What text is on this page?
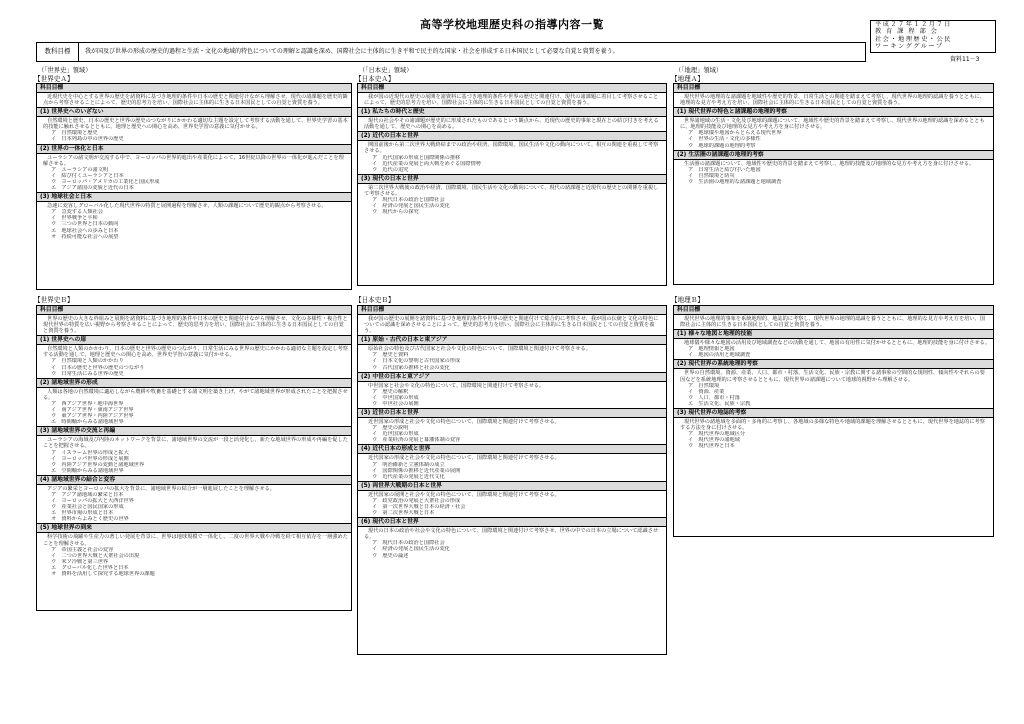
高等学校地理歴史科の指導内容一覧	平成２７年１２月７日
教 育 課 程 部 会
社会・地理歴史・公民
ワーキンググループ
資料11－3
教科目標	我が国及び世界の形成の歴史的過程と生活・文化の地域的特色についての理解と認識を深め、国際社会に主体的に生き平和で民主的な国家・社会を形成する日本国民として必要な自覚と資質を養う。
（「世界史」領域）
【世界史Ａ】
科目目標

近現代史を中心とする世界の歴史を諸資料に基づき地理的条件や日本の歴史と関連付けながら理解させ、現代の諸課題を歴史的観点から考察させることによって、歴史的思考力を培い、国際社会に主体的に生きる日本国民としての自覚と資質を養う。

(1) 世界史へのいざない

自然環境と歴史、日本の歴史と世界の歴史のつながりにかかわる適切な主題を設定して考察する活動を通して、世界史学習の基本的技能に触れさせるとともに、地理と歴史への関心を高め、世界史学習の意義に気付かせる。

ア　自然環境と歴史
イ　日本列島の中の世界の歴史
(2) 世界の一体化と日本

ユーラシアの諸文明が交流する中で、ヨーロッパの世界的進出や産業化によって、16世紀以降の世界の一体化が進んだことを理解させる。

ア　ユーラシアの諸文明
イ　結び付くユーラシアと日本
ウ　ヨーロッパ・アメリカの工業化と国民形成
エ　アジア諸国の変貌と近代の日本
(3) 地球社会と日本

急速に変容しグローバル化した現代世界の特質と展開過程を理解させ、人類の課題について歴史的観点から考察させる。

ア　急変する人類社会
イ　世界戦争と平和
ウ　三つの世界と日本の動向
エ　地球社会への歩みと日本
オ　持続可能な社会への展望
【世界史Ｂ】
科目目標

世界の歴史の大きな枠組みと展開を諸資料に基づき地理的条件や日本の歴史と関連付けながら理解させ、文化の多様性・複合性と現代世界の特質を広い視野から考察させることによって、歴史的思考力を培い、国際社会に主体的に生きる日本国民としての自覚と資質を養う。

(1) 世界史への扉

自然環境と人類のかかわり、日本の歴史と世界の歴史のつながり、日常生活にみる世界の歴史にかかわる適切な主題を設定し考察する活動を通して、地理と歴史への関心を高め、世界史学習の意義に気付かせる。

ア　自然環境と人類のかかわり
イ　日本の歴史と世界の歴史のつながり
ウ　日常生活にみる世界の歴史
(2) 諸地域世界の形成

人類は各地の自然環境に適応しながら農耕や牧畜を基礎とする諸文明を築き上げ、やがて諸地域世界が形成されたことを把握させる。

ア　西アジア世界・地中海世界
イ　南アジア世界・東南アジア世界
ウ　東アジア世界・内陸アジア世界
エ　時間軸からみる諸地域世界
(3) 諸地域世界の交流と再編

ユーラシアの海域及び内陸のネットワークを背景に、諸地域世界の交流が一段と活発化し、新たな地域世界の形成や再編を促したことを把握させる。

ア　イスラーム世界の形成と拡大
イ　ヨーロッパ世界の形成と展開
ウ　内陸アジア世界の変動と諸地域世界
エ　空間軸からみる諸地域世界
(4) 諸地域世界の結合と変容

アジアの繁栄とヨーロッパの拡大を背景に、諸地域世界の結合が一層進展したことを理解させる。

ア　アジア諸地域の繁栄と日本
イ　ヨーロッパの拡大と大西洋世界
ウ　産業社会と国民国家の形成
エ　世界市場の形成と日本
オ　資料からよみとく歴史の世界
(5) 地球世界の到来

科学技術の飛躍や生産力の著しい発展を背景に、世界は地球規模で一体化し、二度の世界大戦や冷戦を経て相互依存を一層強めたことを理解させる。

ア　帝国主義と社会の変容
イ　二つの世界大戦と大衆社会の出現
ウ　米ソ冷戦と第三世界
エ　グローバル化した世界と日本
オ　資料を活用して探究する地球世界の課題
（「日本史」領域）
【日本史Ａ】
科目目標

我が国の近現代の歴史の展開を諸資料に基づき地理的条件や世界の歴史と関連付け、現代の諸課題に着目して考察させることによって、歴史的思考力を培い、国際社会に主体的に生きる日本国民としての自覚と資質を養う。

(1) 私たちの時代と歴史

現代の社会やその諸課題が歴史的に形成されたものであるという観点から、近現代の歴史的事象と現在との結び付きを考える活動を通して、歴史への関心を高める。

(2) 近代の日本と世界

開国前後から第二次世界大戦終結までの政治や経済、国際環境、国民生活や文化の動向について、相互の関連を重視して考察させる。

ア　近代国家の形成と国際関係の推移
イ　近代産業の発展と両大戦をめぐる国際情勢
ウ　近代の追究
(3) 現代の日本と世界

第二次世界大戦後の政治や経済、国際環境、国民生活や文化の動向について、現代の諸課題と近現代の歴史との関係を重視して考察させる。

ア　現代日本の政治と国際社会
イ　経済の発展と国民生活の変化
ウ　現代からの探究
【日本史Ｂ】
科目目標

我が国の歴史の展開を諸資料に基づき地理的条件や世界の歴史と関連付けて総合的に考察させ、我が国の伝統と文化の特色についての認識を深めさせることによって、歴史的思考力を培い、国際社会に主体的に生きる日本国民としての自覚と資質を養う。

(1) 原始・古代の日本と東アジア

原始社会の特色及び古代国家と社会や文化の特色について、国際環境と関連付けて考察させる。

ア　歴史と資料
イ　日本文化の黎明と古代国家の形成
ウ　古代国家の推移と社会の変化
(2) 中世の日本と東アジア

中世国家と社会や文化の特色について、国際環境と関連付けて考察させる。

ア　歴史の解釈
イ　中世国家の形成
ウ　中世社会の展開
(3) 近世の日本と世界

近世国家の形成と社会や文化の特色について、国際環境と関連付けて考察させる。

ア　歴史の説明
イ　近世国家の形成
ウ　産業経済の発展と幕藩体制の変容
(4) 近代日本の形成と世界

近代国家の形成と社会や文化の特色について、国際環境と関連付けて考察させる。

ア　明治維新と立憲体制の成立
イ　国際関係の推移と近代産業の展開
ウ　近代産業の発展と近代文化
(5) 両世界大戦期の日本と世界

近代国家の展開と社会や文化の特色について、国際環境と関連付けて考察させる。

ア　政党政治の発展と大衆社会の形成
イ　第一次世界大戦と日本の経済・社会
ウ　第二次世界大戦と日本
(6) 現代の日本と世界

現代の日本の政治や社会や文化の特色について、国際環境と関連付けて考察させ、世界の中での日本の立場について認識させる。

ア　現代日本の政治と国際社会
イ　経済の発展と国民生活の変化
ウ　歴史の論述
（「地理」領域）
【地理Ａ】
科目目標

現代世界の地理的な諸課題を地域性や歴史的背景、日常生活との関連を踏まえて考察し、現代世界の地理的認識を養うとともに、地理的な見方や考え方を培い、国際社会に主体的に生きる日本国民としての自覚と資質を養う。

(1) 現代世界の特色と諸課題の地理的考察

世界諸地域の生活・文化及び地球的課題について、地域性や歴史的背景を踏まえて考察し、現代世界の地理的認識を深めるとともに、地理的技能及び地理的な見方や考え方を身に付けさせる。

ア　地球儀や地図からとらえる現代世界
イ　世界の生活・文化の多様性
ウ　地球的課題の地理的考察
(2) 生活圏の諸課題の地理的考察

生活圏の諸課題について、地域性や歴史的背景を踏まえて考察し、地理的技能及び地理的な見方や考え方を身に付けさせる。

ア　日常生活と結び付いた地図
イ　自然環境と防災
ウ　生活圏の地理的な諸課題と地域調査
【地理Ｂ】
科目目標

現代世界の地理的事象を系統地理的、地誌的に考察し、現代世界の地理的認識を養うとともに、地理的な見方や考え方を培い、国際社会に主体的に生きる日本国民としての自覚と資質を養う。

(1) 様々な地図と地理的技能

地球儀や様々な地図の活用及び地域調査などの活動を通して、地図の有用性に気付かせるとともに、地理的技能を身に付けさせる。

ア　地理情報と地図
イ　地図の活用と地域調査
(2) 現代世界の系統地理的考察

世界の自然環境、資源、産業、人口、都市・村落、生活文化、民族・宗教に関する諸事象の空間的な規則性、傾向性やそれらの要因などを系統地理的に考察させるとともに、現代世界の諸課題について地球的視野から理解させる。

ア　自然環境
イ　資源、産業
ウ　人口、都市・村落
エ　生活文化、民族・宗教
(3) 現代世界の地誌的考察

現代世界の諸地域を多面的・多角的に考察し、各地域の多様な特色や地域的課題を理解させるとともに、現代世界を地誌的に考察する方法を身に付けさせる。

ア　現代世界の地域区分
イ　現代世界の諸地域
ウ　現代世界と日本
